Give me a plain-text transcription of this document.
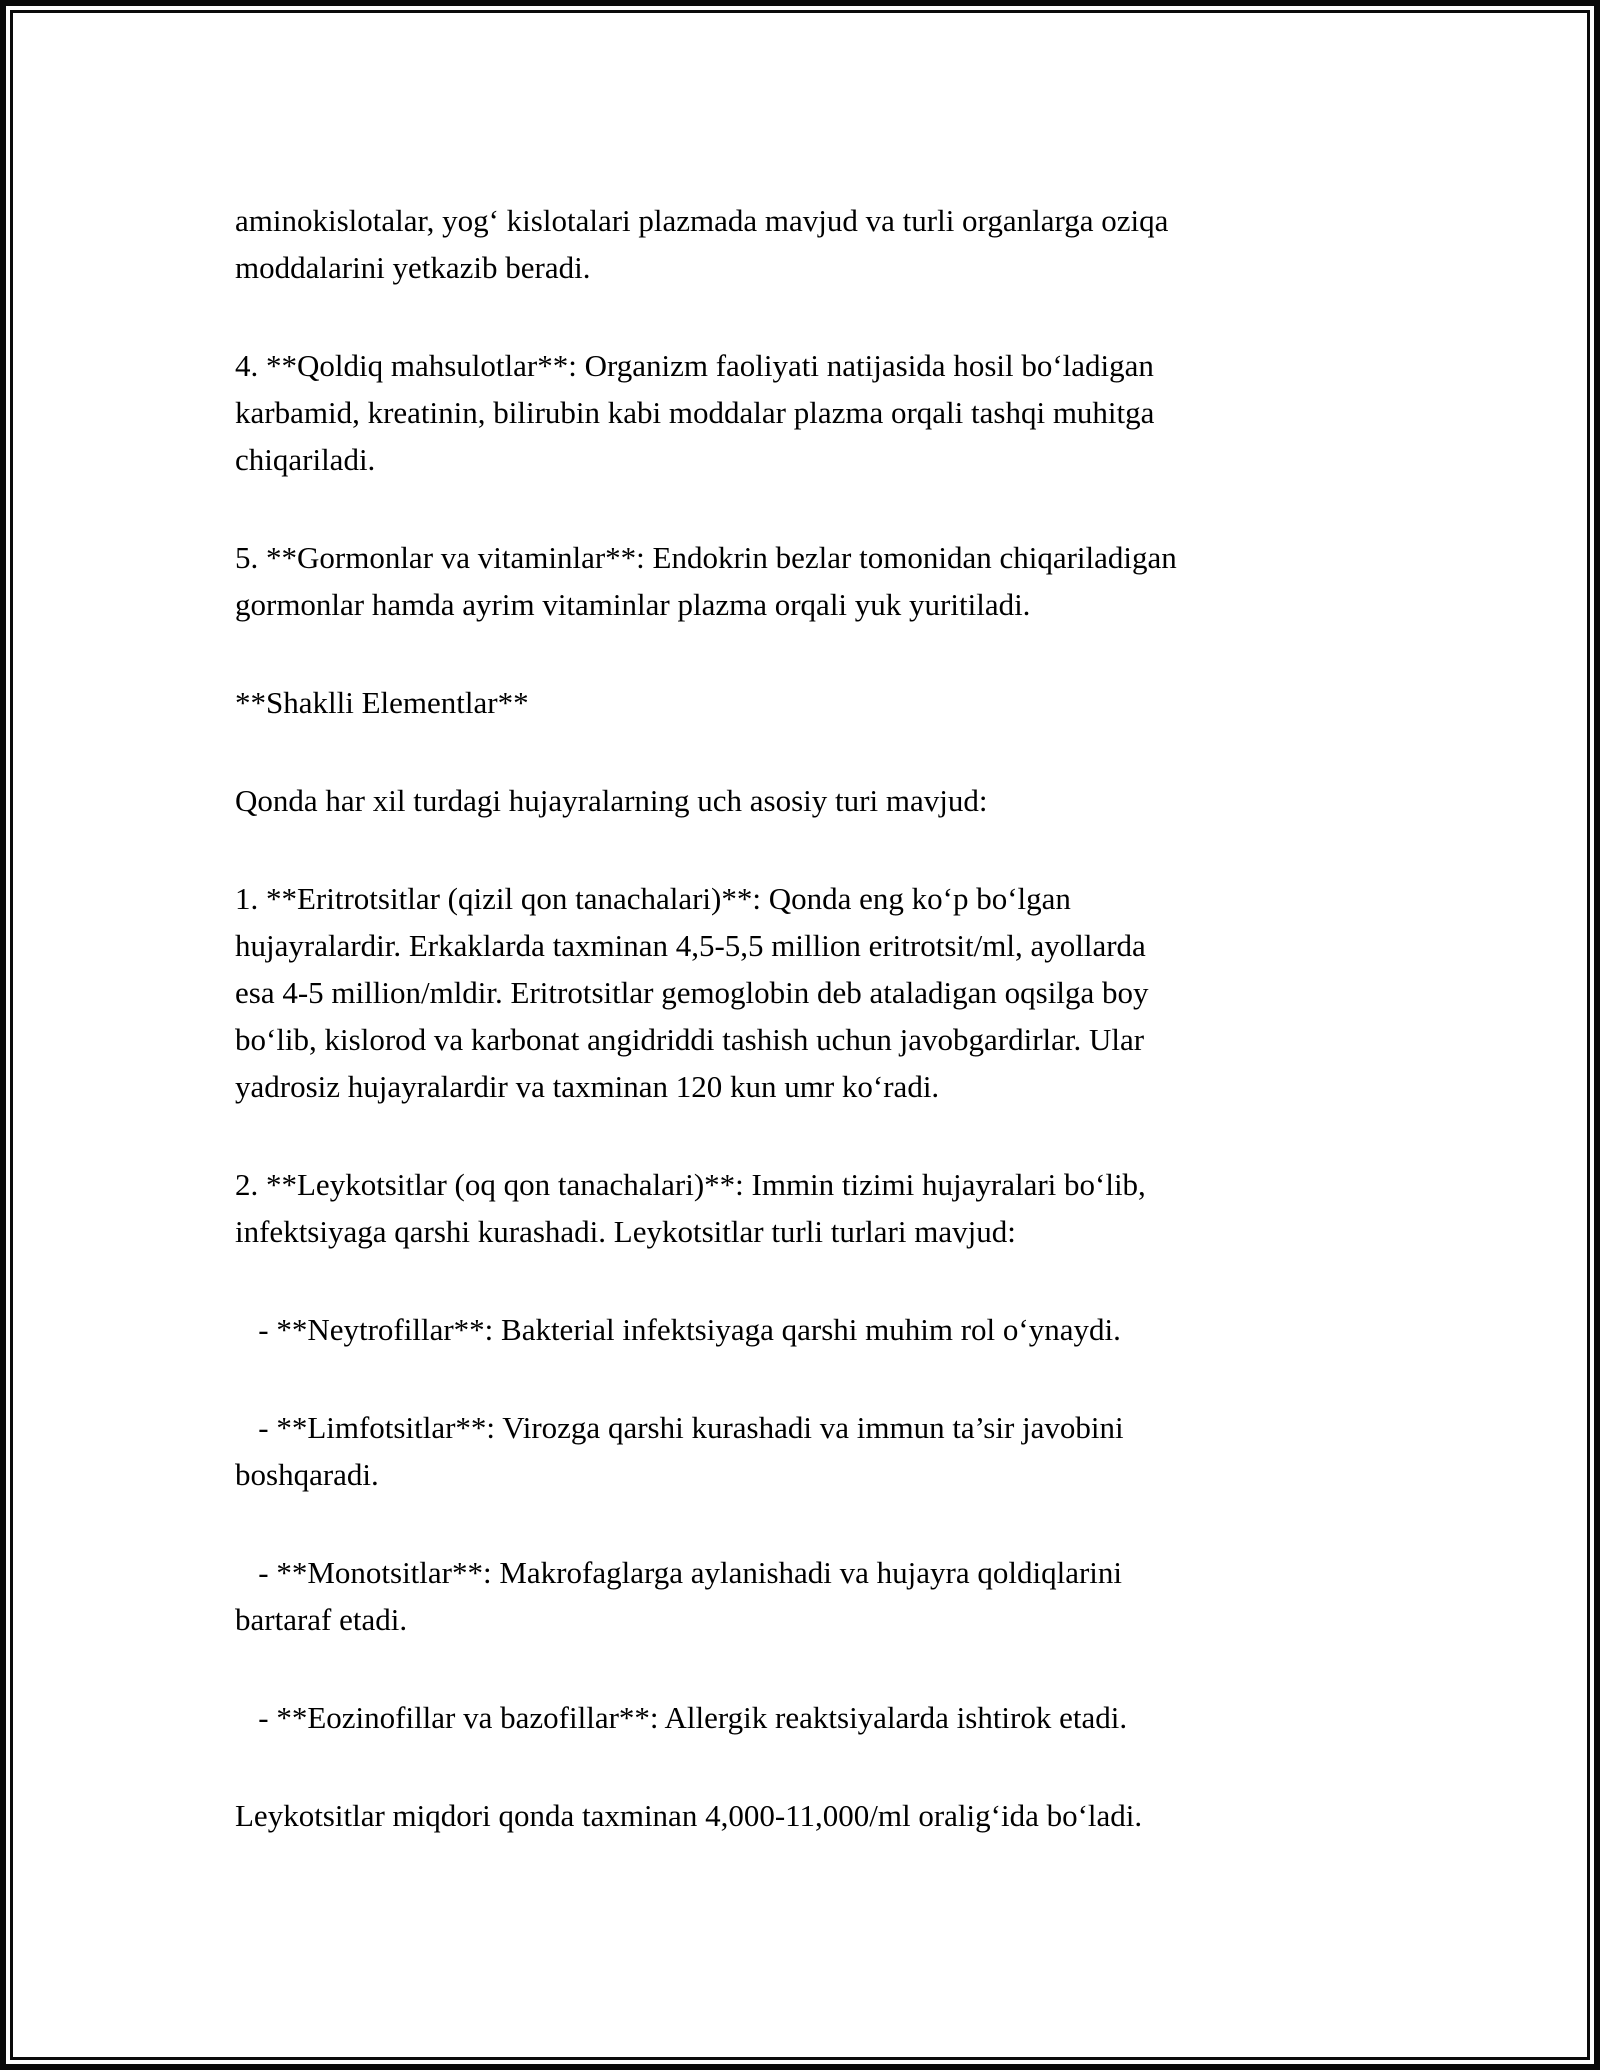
aminokislotalar, yog‘ kislotalari plazmada mavjud va turli organlarga oziqa
moddalarini yetkazib beradi.
4. **Qoldiq mahsulotlar**: Organizm faoliyati natijasida hosil bo‘ladigan
karbamid, kreatinin, bilirubin kabi moddalar plazma orqali tashqi muhitga
chiqariladi.
5. **Gormonlar va vitaminlar**: Endokrin bezlar tomonidan chiqariladigan
gormonlar hamda ayrim vitaminlar plazma orqali yuk yuritiladi.
**Shaklli Elementlar**
Qonda har xil turdagi hujayralarning uch asosiy turi mavjud:
1. **Eritrotsitlar (qizil qon tanachalari)**: Qonda eng ko‘p bo‘lgan
hujayralardir. Erkaklarda taxminan 4,5-5,5 million eritrotsit/ml, ayollarda
esa 4-5 million/mldir. Eritrotsitlar gemoglobin deb ataladigan oqsilga boy
bo‘lib, kislorod va karbonat angidriddi tashish uchun javobgardirlar. Ular
yadrosiz hujayralardir va taxminan 120 kun umr ko‘radi.
2. **Leykotsitlar (oq qon tanachalari)**: Immin tizimi hujayralari bo‘lib,
infektsiyaga qarshi kurashadi. Leykotsitlar turli turlari mavjud:
- **Neytrofillar**: Bakterial infektsiyaga qarshi muhim rol o‘ynaydi.
- **Limfotsitlar**: Virozga qarshi kurashadi va immun ta’sir javobini
boshqaradi.
- **Monotsitlar**: Makrofaglarga aylanishadi va hujayra qoldiqlarini
bartaraf etadi.
- **Eozinofillar va bazofillar**: Allergik reaktsiyalarda ishtirok etadi.
Leykotsitlar miqdori qonda taxminan 4,000-11,000/ml oralig‘ida bo‘ladi.
